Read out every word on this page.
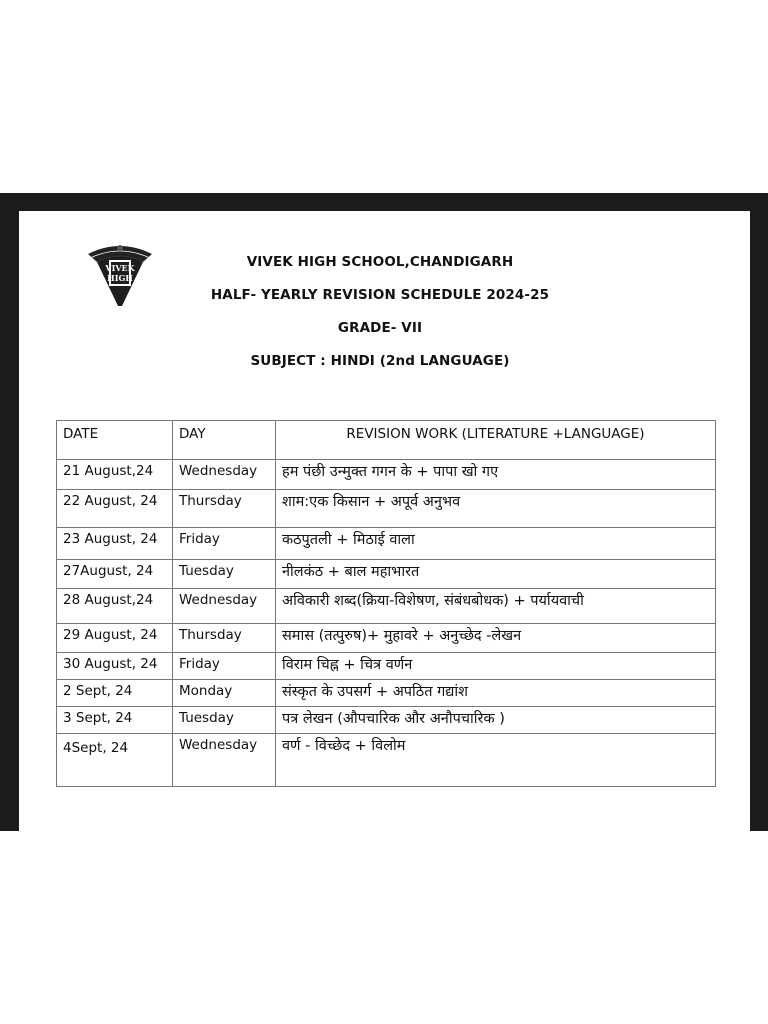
VIVEK
HIGH
VIVEK HIGH SCHOOL,CHANDIGARH
HALF- YEARLY REVISION SCHEDULE 2024-25
GRADE- VII
SUBJECT : HINDI (2nd LANGUAGE)
DATE	DAY	REVISION WORK (LITERATURE +LANGUAGE)
21 August,24	Wednesday	हम पंछी उन्मुक्त गगन के + पापा खो गए
22 August, 24	Thursday	शाम:एक किसान + अपूर्व अनुभव
23 August, 24	Friday	कठपुतली + मिठाई वाला
27August, 24	Tuesday	नीलकंठ + बाल महाभारत
28 August,24	Wednesday	अविकारी शब्द(क्रिया-विशेषण, संबंधबोधक) + पर्यायवाची
29 August, 24	Thursday	समास (तत्पुरुष)+ मुहावरे + अनुच्छेद -लेखन
30 August, 24	Friday	विराम चिह्न + चित्र वर्णन
2 Sept, 24	Monday	संस्कृत के उपसर्ग + अपठित गद्यांश
3 Sept, 24	Tuesday	पत्र लेखन (औपचारिक और अनौपचारिक )
4Sept, 24	Wednesday	वर्ण - विच्छेद + विलोम
